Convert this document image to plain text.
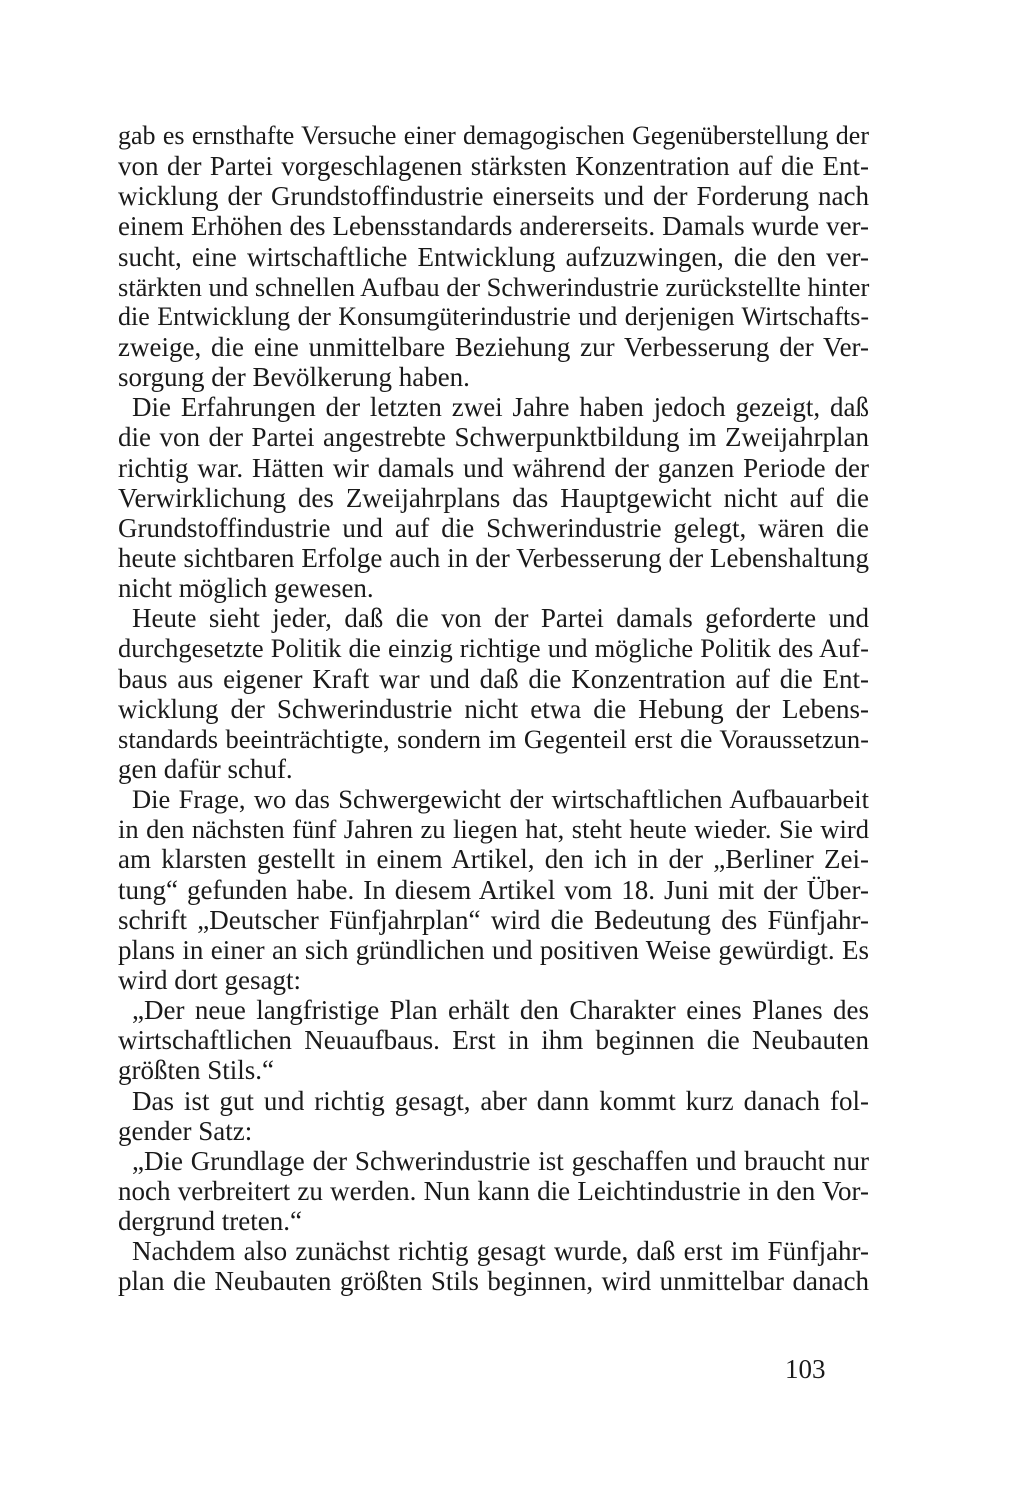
gab es ernsthafte Versuche einer demagogischen Gegenüberstellung der
von der Partei vorgeschlagenen stärksten Konzentration auf die Ent-
wicklung der Grundstoffindustrie einerseits und der Forderung nach
einem Erhöhen des Lebensstandards andererseits. Damals wurde ver-
sucht, eine wirtschaftliche Entwicklung aufzuzwingen, die den ver-
stärkten und schnellen Aufbau der Schwerindustrie zurückstellte hinter
die Entwicklung der Konsumgüterindustrie und derjenigen Wirtschafts-
zweige, die eine unmittelbare Beziehung zur Verbesserung der Ver-
sorgung der Bevölkerung haben.
Die Erfahrungen der letzten zwei Jahre haben jedoch gezeigt, daß
die von der Partei angestrebte Schwerpunktbildung im Zweijahrplan
richtig war. Hätten wir damals und während der ganzen Periode der
Verwirklichung des Zweijahrplans das Hauptgewicht nicht auf die
Grundstoffindustrie und auf die Schwerindustrie gelegt, wären die
heute sichtbaren Erfolge auch in der Verbesserung der Lebenshaltung
nicht möglich gewesen.
Heute sieht jeder, daß die von der Partei damals geforderte und
durchgesetzte Politik die einzig richtige und mögliche Politik des Auf-
baus aus eigener Kraft war und daß die Konzentration auf die Ent-
wicklung der Schwerindustrie nicht etwa die Hebung der Lebens-
standards beeinträchtigte, sondern im Gegenteil erst die Voraussetzun-
gen dafür schuf.
Die Frage, wo das Schwergewicht der wirtschaftlichen Aufbauarbeit
in den nächsten fünf Jahren zu liegen hat, steht heute wieder. Sie wird
am klarsten gestellt in einem Artikel, den ich in der „Berliner Zei-
tung“ gefunden habe. In diesem Artikel vom 18. Juni mit der Über-
schrift „Deutscher Fünfjahrplan“ wird die Bedeutung des Fünfjahr-
plans in einer an sich gründlichen und positiven Weise gewürdigt. Es
wird dort gesagt:
„Der neue langfristige Plan erhält den Charakter eines Planes des
wirtschaftlichen Neuaufbaus. Erst in ihm beginnen die Neubauten
größten Stils.“
Das ist gut und richtig gesagt, aber dann kommt kurz danach fol-
gender Satz:
„Die Grundlage der Schwerindustrie ist geschaffen und braucht nur
noch verbreitert zu werden. Nun kann die Leichtindustrie in den Vor-
dergrund treten.“
Nachdem also zunächst richtig gesagt wurde, daß erst im Fünfjahr-
plan die Neubauten größten Stils beginnen, wird unmittelbar danach
103
